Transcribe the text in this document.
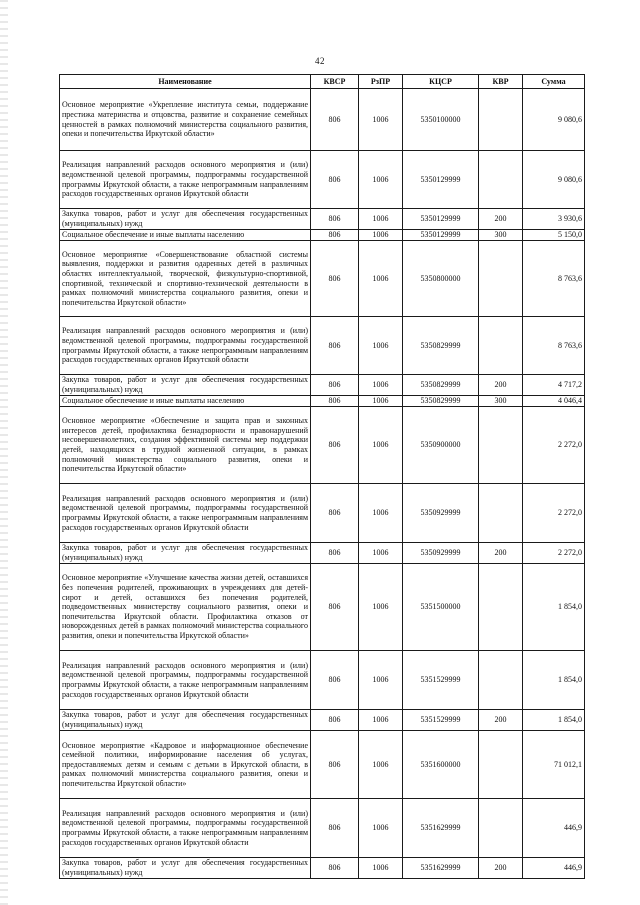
42
Наименование	КВСР	РзПР	КЦСР	КВР	Сумма
Основное мероприятие «Укрепление института семьи, поддержание престижа материнства и отцовства, развитие и сохранение семейных ценностей в рамках полномочий министерства социального развития, опеки и попечительства Иркутской области»	806	1006	5350100000		9 080,6
Реализация направлений расходов основного мероприятия и (или) ведомственной целевой программы, подпрограммы государственной программы Иркутской области, а также непрограммным направлениям расходов государственных органов Иркутской области	806	1006	5350129999		9 080,6
Закупка товаров, работ и услуг для обеспечения государственных (муниципальных) нужд	806	1006	5350129999	200	3 930,6
Социальное обеспечение и иные выплаты населению	806	1006	5350129999	300	5 150,0
Основное мероприятие «Совершенствование областной системы выявления, поддержки и развития одаренных детей в различных областях интеллектуальной, творческой, физкультурно-спортивной, спортивной, технической и спортивно-технической деятельности в рамках полномочий министерства социального развития, опеки и попечительства Иркутской области»	806	1006	5350800000		8 763,6
Реализация направлений расходов основного мероприятия и (или) ведомственной целевой программы, подпрограммы государственной программы Иркутской области, а также непрограммным направлениям расходов государственных органов Иркутской области	806	1006	5350829999		8 763,6
Закупка товаров, работ и услуг для обеспечения государственных (муниципальных) нужд	806	1006	5350829999	200	4 717,2
Социальное обеспечение и иные выплаты населению	806	1006	5350829999	300	4 046,4
Основное мероприятие «Обеспечение и защита прав и законных интересов детей, профилактика безнадзорности и правонарушений несовершеннолетних, создания эффективной системы мер поддержки детей, находящихся в трудной жизненной ситуации, в рамках полномочий министерства социального развития, опеки и попечительства Иркутской области»	806	1006	5350900000		2 272,0
Реализация направлений расходов основного мероприятия и (или) ведомственной целевой программы, подпрограммы государственной программы Иркутской области, а также непрограммным направлениям расходов государственных органов Иркутской области	806	1006	5350929999		2 272,0
Закупка товаров, работ и услуг для обеспечения государственных (муниципальных) нужд	806	1006	5350929999	200	2 272,0
Основное мероприятие «Улучшение качества жизни детей, оставшихся без попечения родителей, проживающих в учреждениях для детей-сирот и детей, оставшихся без попечения родителей, подведомственных министерству социального развития, опеки и попечительства Иркутской области. Профилактика отказов от новорожденных детей в рамках полномочий министерства социального развития, опеки и попечительства Иркутской области»	806	1006	5351500000		1 854,0
Реализация направлений расходов основного мероприятия и (или) ведомственной целевой программы, подпрограммы государственной программы Иркутской области, а также непрограммным направлениям расходов государственных органов Иркутской области	806	1006	5351529999		1 854,0
Закупка товаров, работ и услуг для обеспечения государственных (муниципальных) нужд	806	1006	5351529999	200	1 854,0
Основное мероприятие «Кадровое и информационное обеспечение семейной политики, информирование населения об услугах, предоставляемых детям и семьям с детьми в Иркутской области, в рамках полномочий министерства социального развития, опеки и попечительства Иркутской области»	806	1006	5351600000		71 012,1
Реализация направлений расходов основного мероприятия и (или) ведомственной целевой программы, подпрограммы государственной программы Иркутской области, а также непрограммным направлениям расходов государственных органов Иркутской области	806	1006	5351629999		446,9
Закупка товаров, работ и услуг для обеспечения государственных (муниципальных) нужд	806	1006	5351629999	200	446,9
